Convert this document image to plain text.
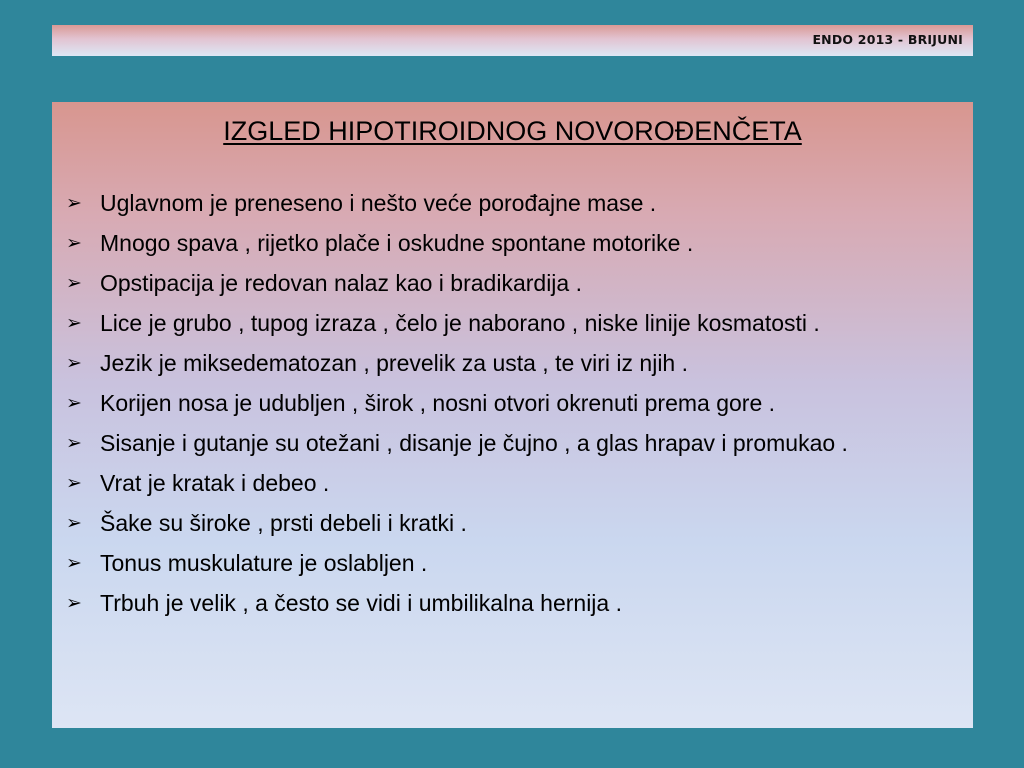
ENDO 2013 - BRIJUNI
IZGLED HIPOTIROIDNOG NOVOROĐENČETA
➢ Uglavnom je preneseno i nešto veće porođajne mase .
➢ Mnogo spava , rijetko plače i oskudne spontane motorike .
➢ Opstipacija je redovan nalaz kao i bradikardija .
➢ Lice je grubo , tupog izraza , čelo je naborano , niske linije kosmatosti .
➢ Jezik je miksedematozan , prevelik za usta , te viri iz njih .
➢ Korijen nosa je udubljen , širok , nosni otvori okrenuti prema gore .
➢ Sisanje i gutanje su otežani , disanje je čujno , a glas hrapav i promukao .
➢ Vrat je kratak i debeo .
➢ Šake su široke , prsti debeli i kratki .
➢ Tonus muskulature je oslabljen .
➢ Trbuh je velik , a često se vidi i umbilikalna hernija .
